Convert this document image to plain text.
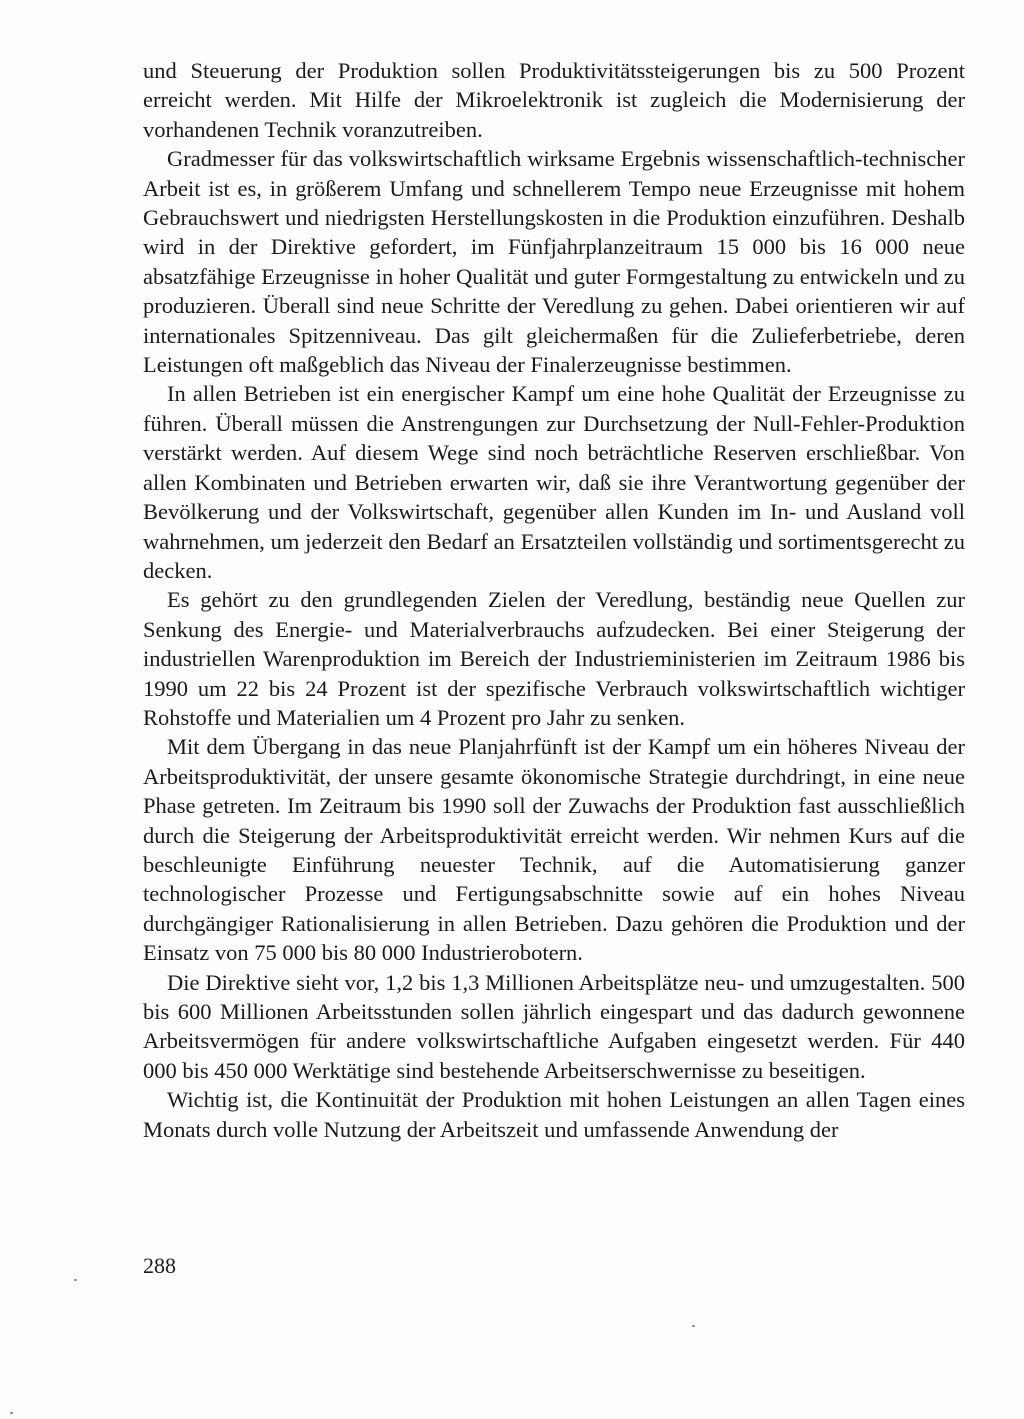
und Steuerung der Produktion sollen Produktivitätssteigerungen bis zu 500 Prozent erreicht werden. Mit Hilfe der Mikroelektronik ist zugleich die Modernisierung der vorhandenen Technik voranzutreiben.

Gradmesser für das volkswirtschaftlich wirksame Ergebnis wissenschaftlich-technischer Arbeit ist es, in größerem Umfang und schnellerem Tempo neue Erzeugnisse mit hohem Gebrauchswert und niedrigsten Herstellungskosten in die Produktion einzuführen. Deshalb wird in der Direktive gefordert, im Fünfjahrplanzeitraum 15 000 bis 16 000 neue absatzfähige Erzeugnisse in hoher Qualität und guter Formgestaltung zu entwickeln und zu produzieren. Überall sind neue Schritte der Veredlung zu gehen. Dabei orientieren wir auf internationales Spitzenniveau. Das gilt gleichermaßen für die Zulieferbetriebe, deren Leistungen oft maßgeblich das Niveau der Finalerzeugnisse bestimmen.

In allen Betrieben ist ein energischer Kampf um eine hohe Qualität der Erzeugnisse zu führen. Überall müssen die Anstrengungen zur Durchsetzung der Null-Fehler-Produktion verstärkt werden. Auf diesem Wege sind noch beträchtliche Reserven erschließbar. Von allen Kombinaten und Betrieben erwarten wir, daß sie ihre Verantwortung gegenüber der Bevölkerung und der Volkswirtschaft, gegenüber allen Kunden im In- und Ausland voll wahrnehmen, um jederzeit den Bedarf an Ersatzteilen vollständig und sortimentsgerecht zu decken.

Es gehört zu den grundlegenden Zielen der Veredlung, beständig neue Quellen zur Senkung des Energie- und Materialverbrauchs aufzudecken. Bei einer Steigerung der industriellen Warenproduktion im Bereich der Industrieministerien im Zeitraum 1986 bis 1990 um 22 bis 24 Prozent ist der spezifische Verbrauch volkswirtschaftlich wichtiger Rohstoffe und Materialien um 4 Prozent pro Jahr zu senken.

Mit dem Übergang in das neue Planjahrfünft ist der Kampf um ein höheres Niveau der Arbeitsproduktivität, der unsere gesamte ökonomische Strategie durchdringt, in eine neue Phase getreten. Im Zeitraum bis 1990 soll der Zuwachs der Produktion fast ausschließlich durch die Steigerung der Arbeitsproduktivität erreicht werden. Wir nehmen Kurs auf die beschleunigte Einführung neuester Technik, auf die Automatisierung ganzer technologischer Prozesse und Fertigungsabschnitte sowie auf ein hohes Niveau durchgängiger Rationalisierung in allen Betrieben. Dazu gehören die Produktion und der Einsatz von 75 000 bis 80 000 Industrierobotern.

Die Direktive sieht vor, 1,2 bis 1,3 Millionen Arbeitsplätze neu- und umzugestalten. 500 bis 600 Millionen Arbeitsstunden sollen jährlich eingespart und das dadurch gewonnene Arbeitsvermögen für andere volkswirtschaftliche Aufgaben eingesetzt werden. Für 440 000 bis 450 000 Werktätige sind bestehende Arbeitserschwernisse zu beseitigen.

Wichtig ist, die Kontinuität der Produktion mit hohen Leistungen an allen Tagen eines Monats durch volle Nutzung der Arbeitszeit und umfassende Anwendung der

288
